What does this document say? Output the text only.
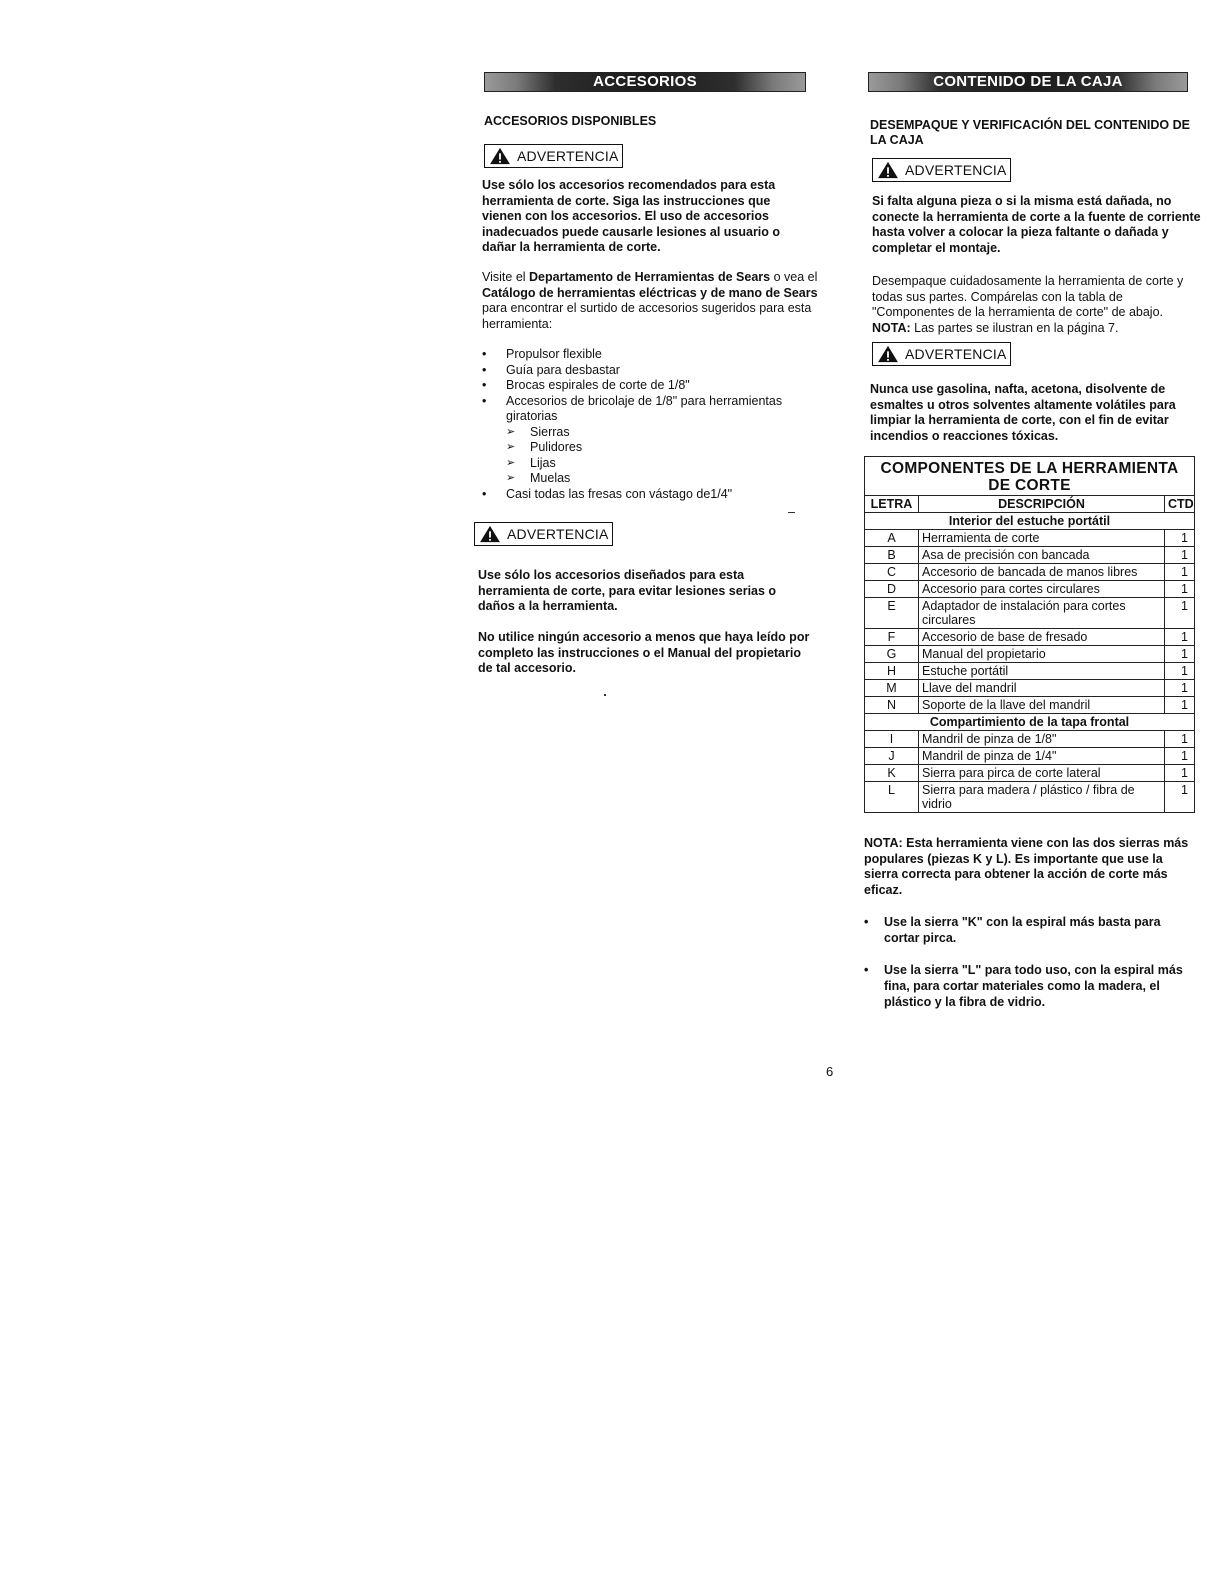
ACCESORIOS

ACCESORIOS DISPONIBLES

ADVERTENCIA
Use sólo los accesorios recomendados para esta
herramienta de corte. Siga las instrucciones que
vienen con los accesorios. El uso de accesorios
inadecuados puede causarle lesiones al usuario o
dañar la herramienta de corte.

Visite el Departamento de Herramientas de Sears o vea el Catálogo de herramientas eléctricas y de mano de Sears para encontrar el surtido de accesorios sugeridos para esta herramienta:

• Propulsor flexible
• Guía para desbastar
• Brocas espirales de corte de 1/8"
• Accesorios de bricolaje de 1/8" para herramientas giratorias
➢ Sierras
➢ Pulidores
➢ Lijas
➢ Muelas
• Casi todas las fresas con vástago de1/4"
ADVERTENCIA

Use sólo los accesorios diseñados para esta herramienta de corte, para evitar lesiones serias o daños a la herramienta.

No utilice ningún accesorio a menos que haya leído por completo las instrucciones o el Manual del propietario de tal accesorio.

CONTENIDO DE LA CAJA

DESEMPAQUE Y VERIFICACIÓN DEL CONTENIDO DE LA CAJA

ADVERTENCIA

Si falta alguna pieza o si la misma está dañada, no conecte la herramienta de corte a la fuente de corriente hasta volver a colocar la pieza faltante o dañada y completar el montaje.

Desempaque cuidadosamente la herramienta de corte y todas sus partes. Compárelas con la tabla de "Componentes de la herramienta de corte" de abajo.
NOTA: Las partes se ilustran en la página 7.

ADVERTENCIA

Nunca use gasolina, nafta, acetona, disolvente de esmaltes u otros solventes altamente volátiles para limpiar la herramienta de corte, con el fin de evitar incendios o reacciones tóxicas.

COMPONENTES DE LA HERRAMIENTA DE CORTE		
LETRA	DESCRIPCIÓN	CTD
Interior del estuche portátil		
A	Herramienta de corte	1
B	Asa de precisión con bancada	1
C	Accesorio de bancada de manos libres	1
D	Accesorio para cortes circulares	1
E	Adaptador de instalación para cortes circulares	1
F	Accesorio de base de fresado	1
G	Manual del propietario	1
H	Estuche portátil	1
M	Llave del mandril	1
N	Soporte de la llave del mandril	1
Compartimiento de la tapa frontal		
I	Mandril de pinza de 1/8"	1
J	Mandril de pinza de 1/4"	1
K	Sierra para pirca de corte lateral	1
L	Sierra para madera / plástico / fibra de vidrio	1

NOTA: Esta herramienta viene con las dos sierras más populares (piezas K y L). Es importante que use la sierra correcta para obtener la acción de corte más eficaz.

• Use la sierra "K" con la espiral más basta para cortar pirca.
• Use la sierra "L" para todo uso, con la espiral más fina, para cortar materiales como la madera, el plástico y la fibra de vidrio.
6
